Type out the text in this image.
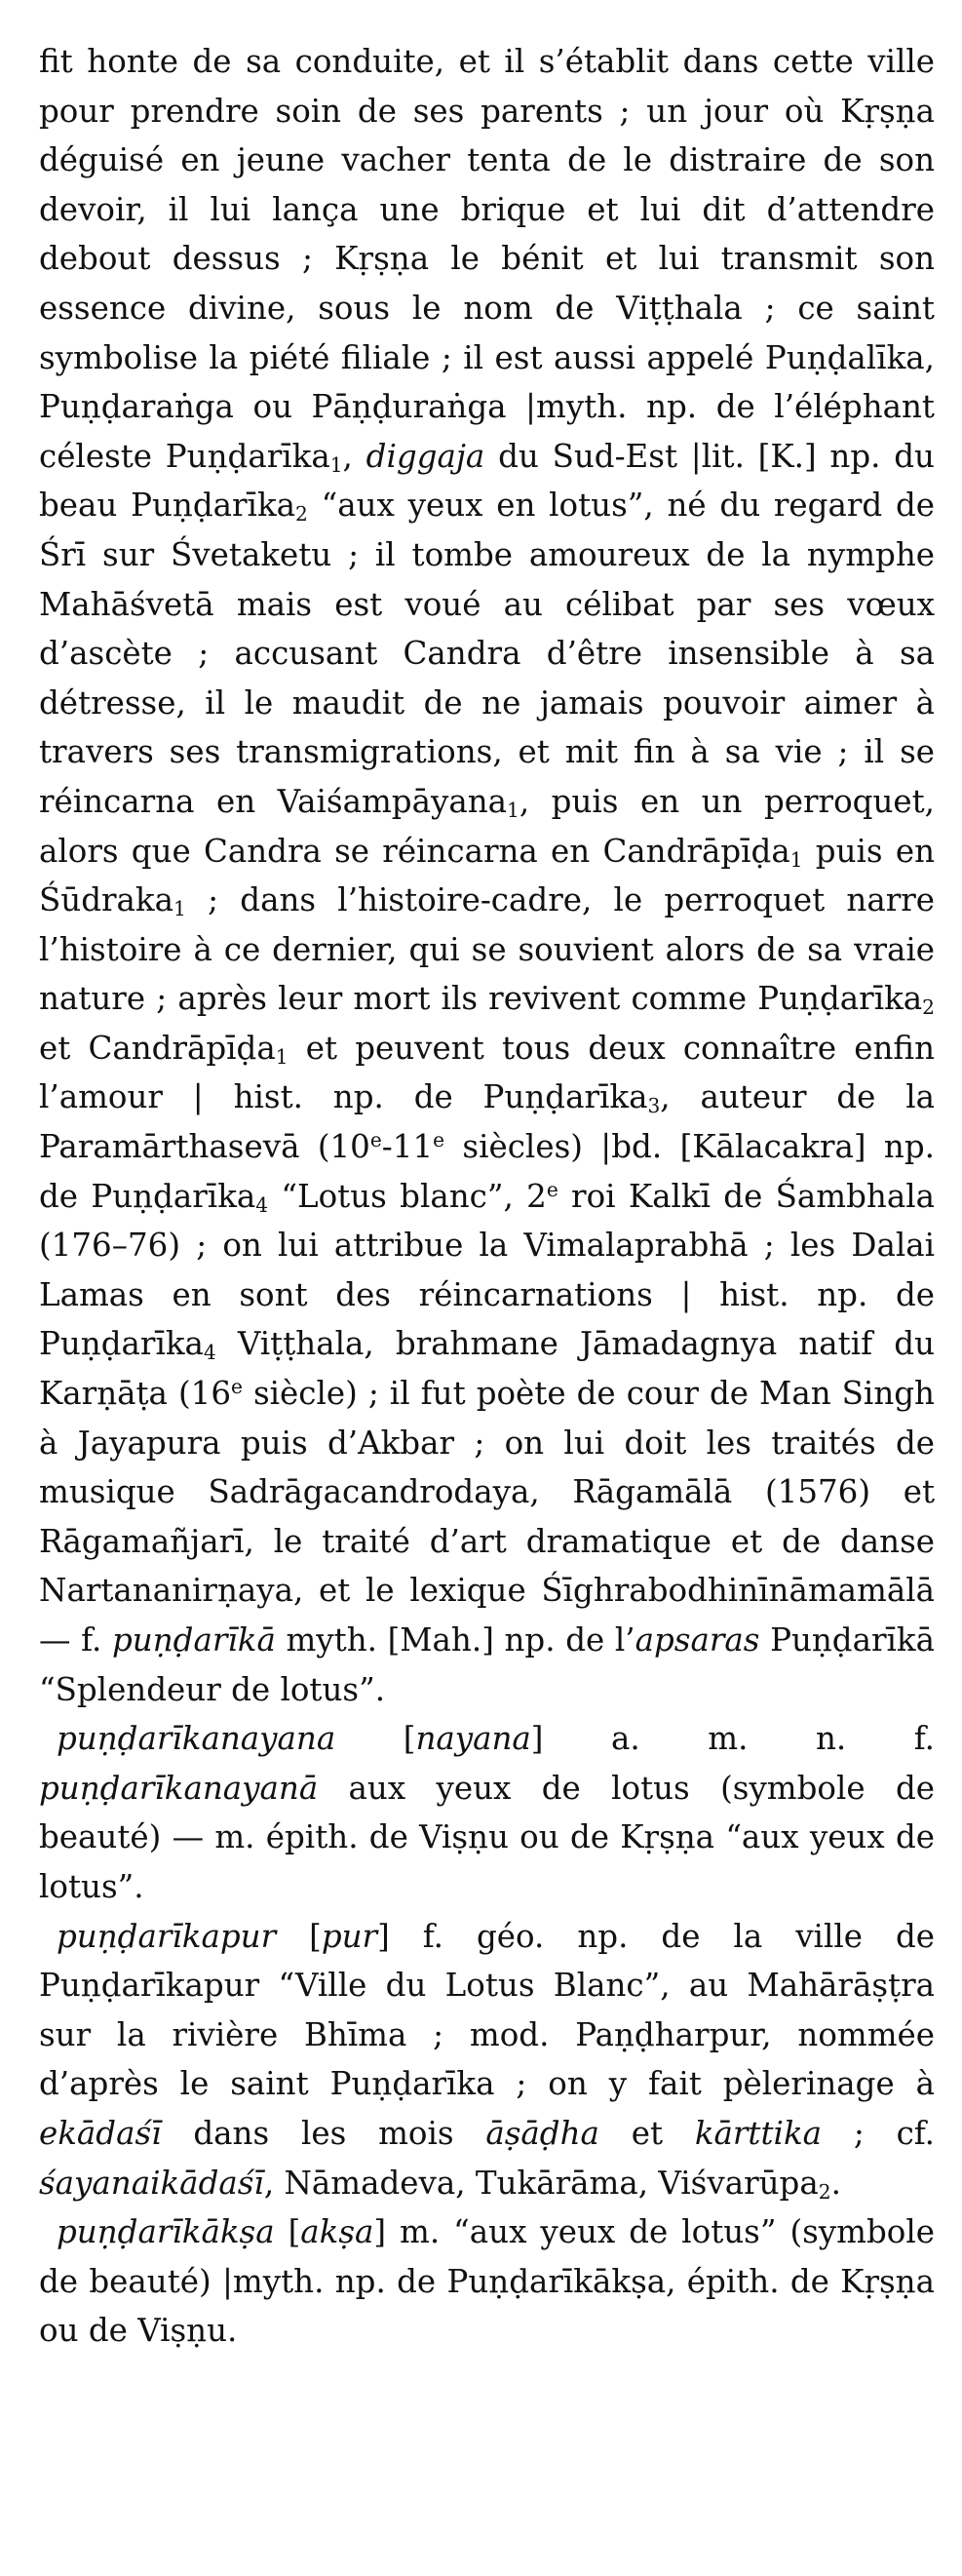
fit honte de sa conduite, et il s’établit dans cette ville pour prendre soin de ses parents ; un jour où Kṛṣṇa déguisé en jeune vacher tenta de le distraire de son devoir, il lui lança une brique et lui dit d’attendre debout dessus ; Kṛṣṇa le bénit et lui transmit son essence divine, sous le nom de Viṭṭhala ; ce saint symbolise la piété filiale ; il est aussi appelé Puṇḍalīka, Puṇḍaraṅga ou Pāṇḍuraṅga |myth. np. de l’éléphant céleste Puṇḍarīka$_1$, diggaja du Sud-Est |lit. [K.] np. du beau Puṇḍarīka$_2$ “aux yeux en lotus”, né du regard de Śrī sur Śvetaketu ; il tombe amoureux de la nymphe Mahāśvetā mais est voué au célibat par ses vœux d’ascète ; accusant Candra d’être insensible à sa détresse, il le maudit de ne jamais pouvoir aimer à travers ses transmigrations, et mit fin à sa vie ; il se réincarna en Vaiśampāyana$_1$, puis en un perroquet, alors que Candra se réincarna en Candrāpīḍa$_1$ puis en Śūdraka$_1$ ; dans l’histoire-cadre, le perroquet narre l’histoire à ce dernier, qui se souvient alors de sa vraie nature ; après leur mort ils revivent comme Puṇḍarīka$_2$ et Candrāpīḍa$_1$ et peuvent tous deux connaître enfin l’amour | hist. np. de Puṇḍarīka$_3$, auteur de la Paramārthasevā (10e-11e siècles) |bd. [Kālacakra] np. de Puṇḍarīka$_4$ “Lotus blanc”, 2e roi Kalkī de Śambhala (176–76) ; on lui attribue la Vimalaprabhā ; les Dalai Lamas en sont des réincarnations | hist. np. de Puṇḍarīka$_4$ Viṭṭhala, brahmane Jāmadagnya natif du Karṇāṭa (16e siècle) ; il fut poète de cour de Man Singh à Jayapura puis d’Akbar ; on lui doit les traités de musique Sadrāgacandrodaya, Rāgamālā (1576) et Rāgamañjarī, le traité d’art dramatique et de danse Nartananirṇaya, et le lexique Śīghrabodhinīnāmamālā — f. puṇḍarīkā myth. [Mah.] np. de l’apsaras Puṇḍarīkā “Splendeur de lotus”.

puṇḍarīkanayana [nayana] a. m. n. f. puṇḍarīkanayanā aux yeux de lotus (symbole de beauté) — m. épith. de Viṣṇu ou de Kṛṣṇa “aux yeux de lotus”.

puṇḍarīkapur [pur] f. géo. np. de la ville de Puṇḍarīkapur “Ville du Lotus Blanc”, au Mahārāṣṭra sur la rivière Bhīma ; mod. Paṇḍharpur, nommée d’après le saint Puṇḍarīka ; on y fait pèlerinage à ekādaśī dans les mois āṣāḍha et kārttika ; cf. śayanaikādaśī, Nāmadeva, Tukārāma, Viśvarūpa$_2$.

puṇḍarīkākṣa [akṣa] m. “aux yeux de lotus” (symbole de beauté) |myth. np. de Puṇḍarīkākṣa, épith. de Kṛṣṇa ou de Viṣṇu.
